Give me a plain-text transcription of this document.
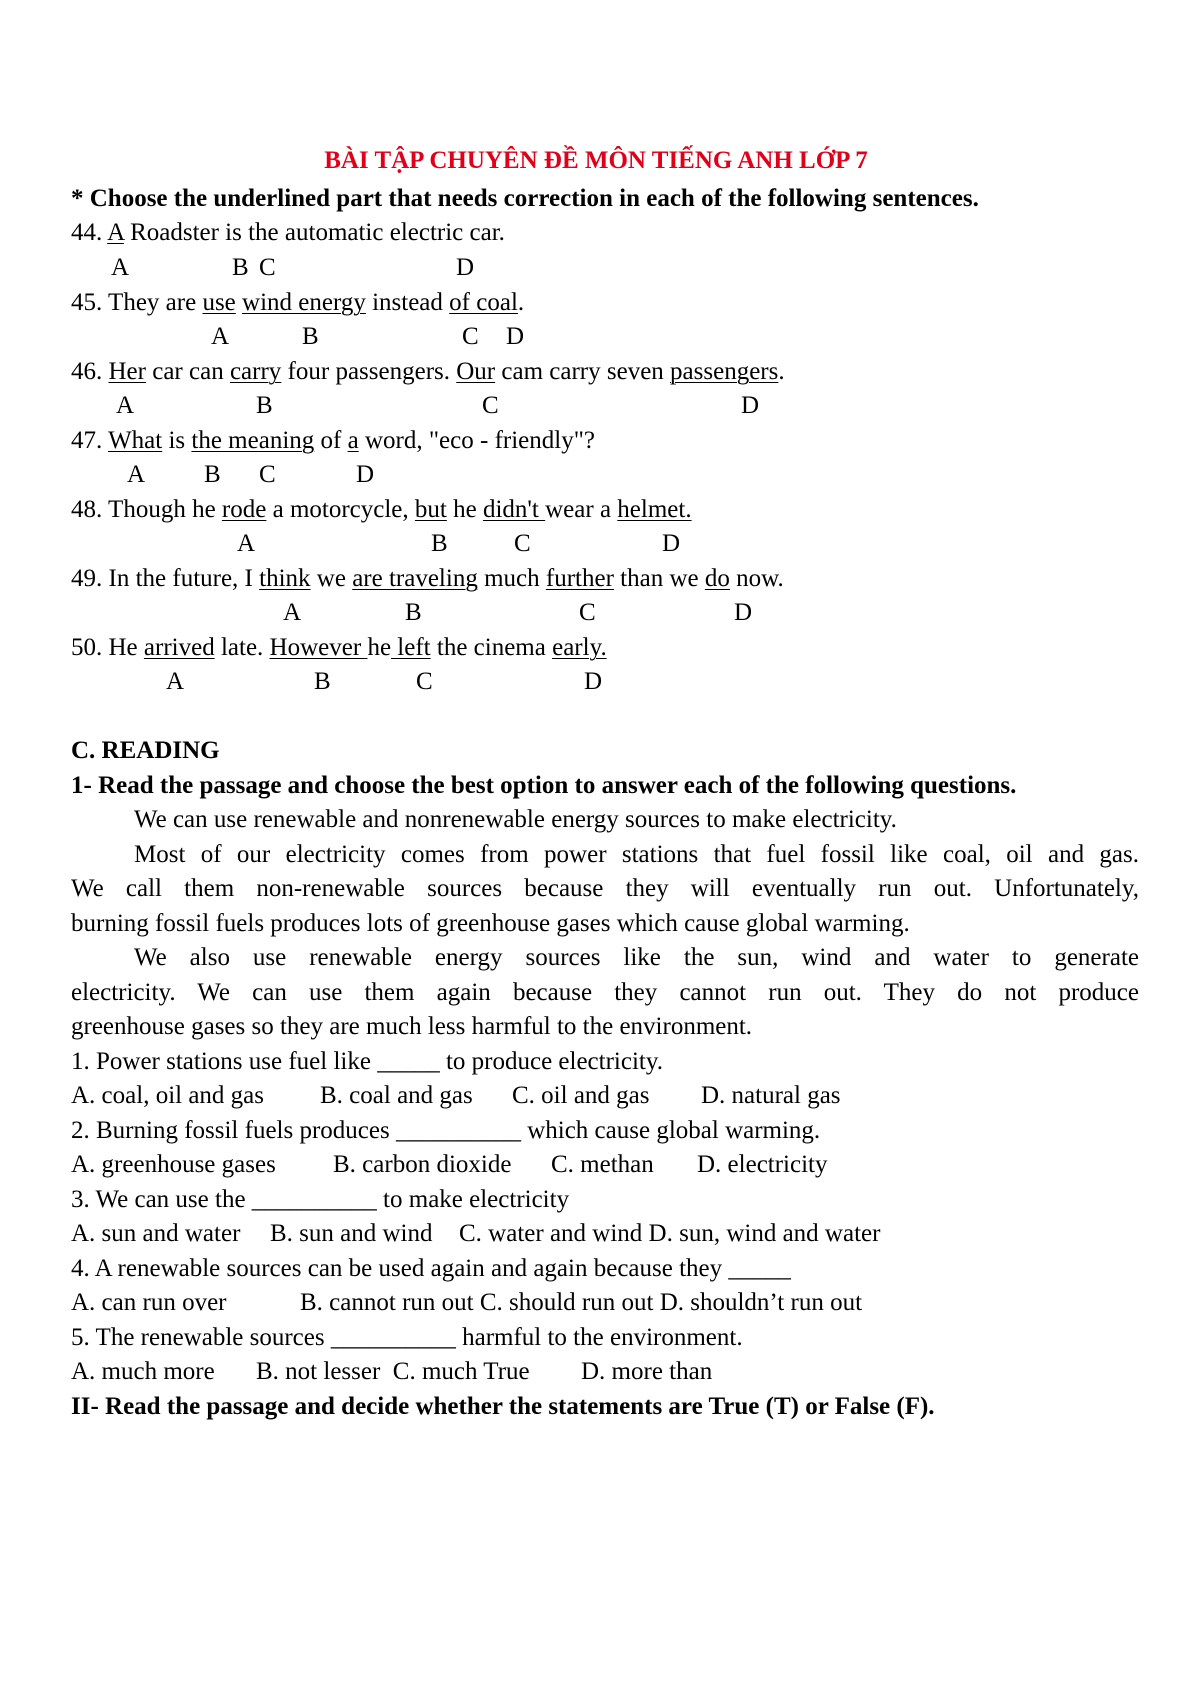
BÀI TẬP CHUYÊN ĐỀ MÔN TIẾNG ANH LỚP 7
* Choose the underlined part that needs correction in each of the following sentences.
44. A Roadster is the automatic electric car.

A

	B

C

	D

45. They are use wind energy instead of coal.

A

	B

	C

D

46. Her car can carry four passengers. Our cam carry seven passengers.

A

	B

	C

	D

47. What is the meaning of a word, "eco - friendly"?

A

B

C

	D

48. Though he rode a motorcycle, but he didn't wear a helmet.

A

	B

	C

	D

49. In the future, I think we are traveling much further than we do now.

A

	B

	C

	D

50. He arrived late. However he left the cinema early.

A

	B

	C

	D

C. READING
1- Read the passage and choose the best option to answer each of the following questions.
We can use renewable and nonrenewable energy sources to make electricity.
Most of our electricity comes from power stations that fuel fossil like coal, oil and gas.
We call them non-renewable sources because they will eventually run out. Unfortunately,
burning fossil fuels produces lots of greenhouse gases which cause global warming.
We also use renewable energy sources like the sun, wind and water to generate
electricity. We can use them again because they cannot run out. They do not produce
greenhouse gases so they are much less harmful to the environment.
1. Power stations use fuel like _____ to produce electricity.

A. coal, oil and gas

B. coal and gas

C. oil and gas

D. natural gas

2. Burning fossil fuels produces __________ which cause global warming.

A. greenhouse gases

B. carbon dioxide

C. methan

D. electricity

3. We can use the __________ to make electricity

A. sun and water

B. sun and wind

C. water and wind D. sun, wind and water

4. A renewable sources can be used again and again because they _____

A. can run over

	B. cannot run out C. should run out D. shouldn’t run out

5. The renewable sources __________ harmful to the environment.

A. much more

B. not lesser  C. much True

D. more than

II- Read the passage and decide whether the statements are True (T) or False (F).
